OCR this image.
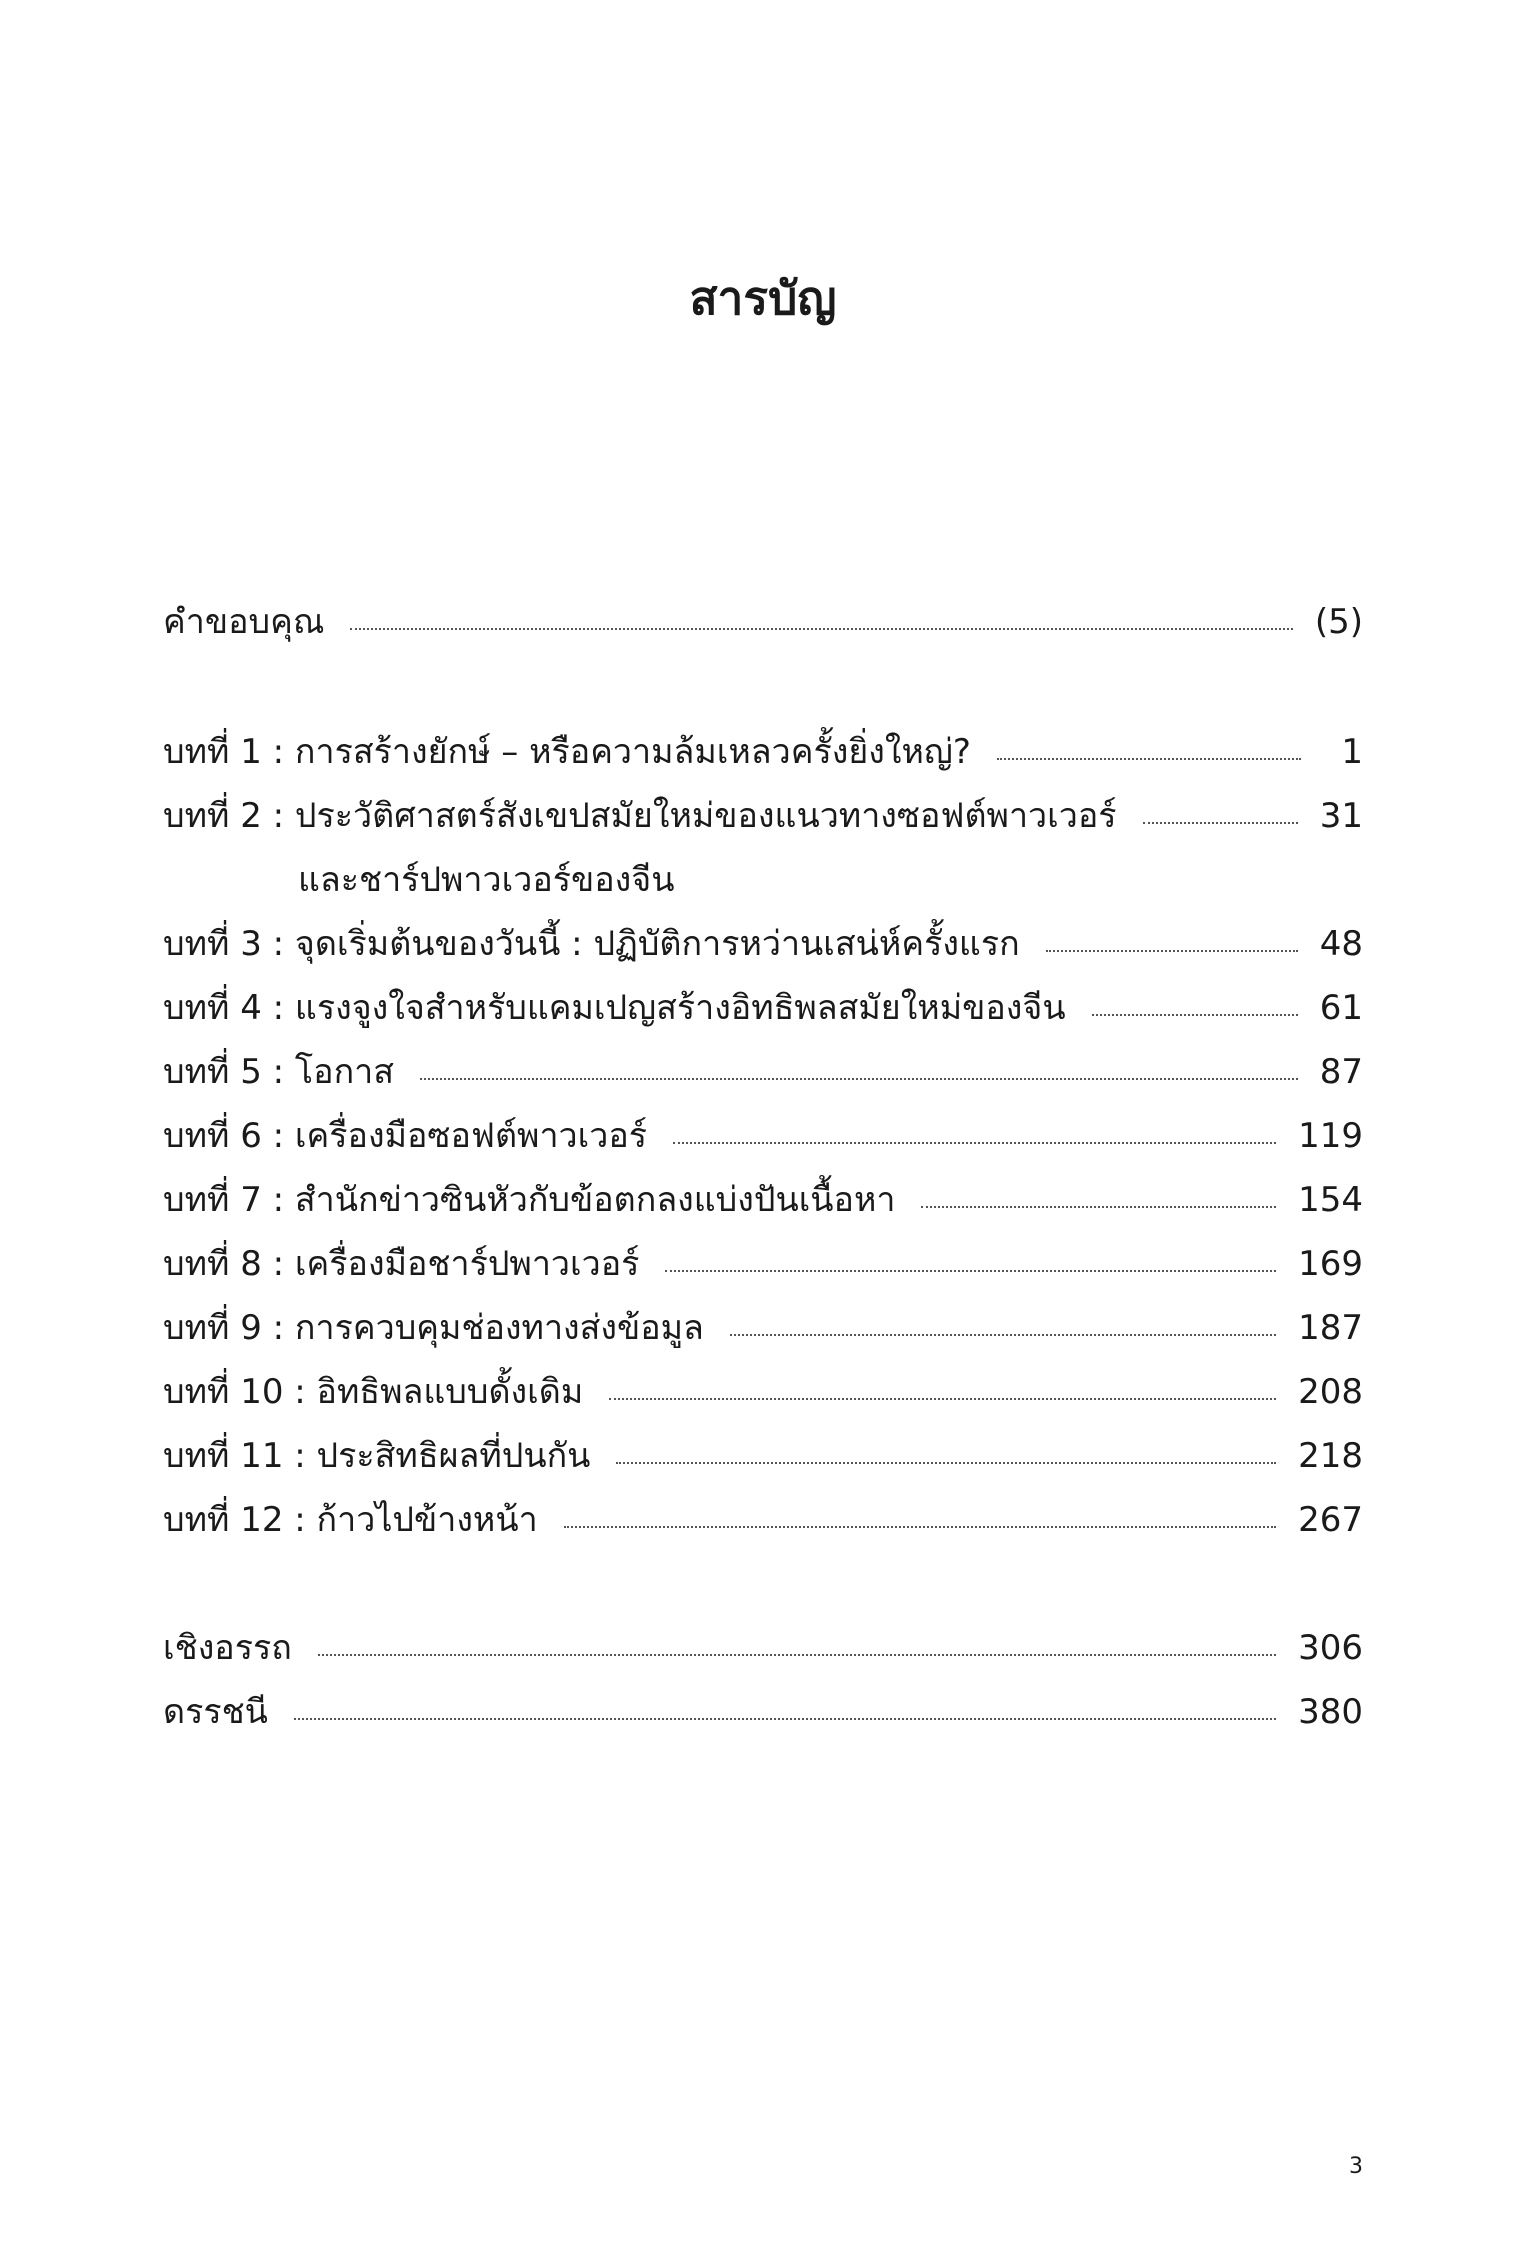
สารบัญ
คำขอบคุณ	(5)
บทที่ 1 : การสร้างยักษ์ – หรือความล้มเหลวครั้งยิ่งใหญ่?	1
บทที่ 2 : ประวัติศาสตร์สังเขปสมัยใหม่ของแนวทางซอฟต์พาวเวอร์	31
และชาร์ปพาวเวอร์ของจีน
บทที่ 3 : จุดเริ่มต้นของวันนี้ : ปฏิบัติการหว่านเสน่ห์ครั้งแรก	48
บทที่ 4 : แรงจูงใจสำหรับแคมเปญสร้างอิทธิพลสมัยใหม่ของจีน	61
บทที่ 5 : โอกาส	87
บทที่ 6 : เครื่องมือซอฟต์พาวเวอร์	119
บทที่ 7 : สำนักข่าวซินหัวกับข้อตกลงแบ่งปันเนื้อหา	154
บทที่ 8 : เครื่องมือชาร์ปพาวเวอร์	169
บทที่ 9 : การควบคุมช่องทางส่งข้อมูล	187
บทที่ 10 : อิทธิพลแบบดั้งเดิม	208
บทที่ 11 : ประสิทธิผลที่ปนกัน	218
บทที่ 12 : ก้าวไปข้างหน้า	267
เชิงอรรถ	306
ดรรชนี	380
3
